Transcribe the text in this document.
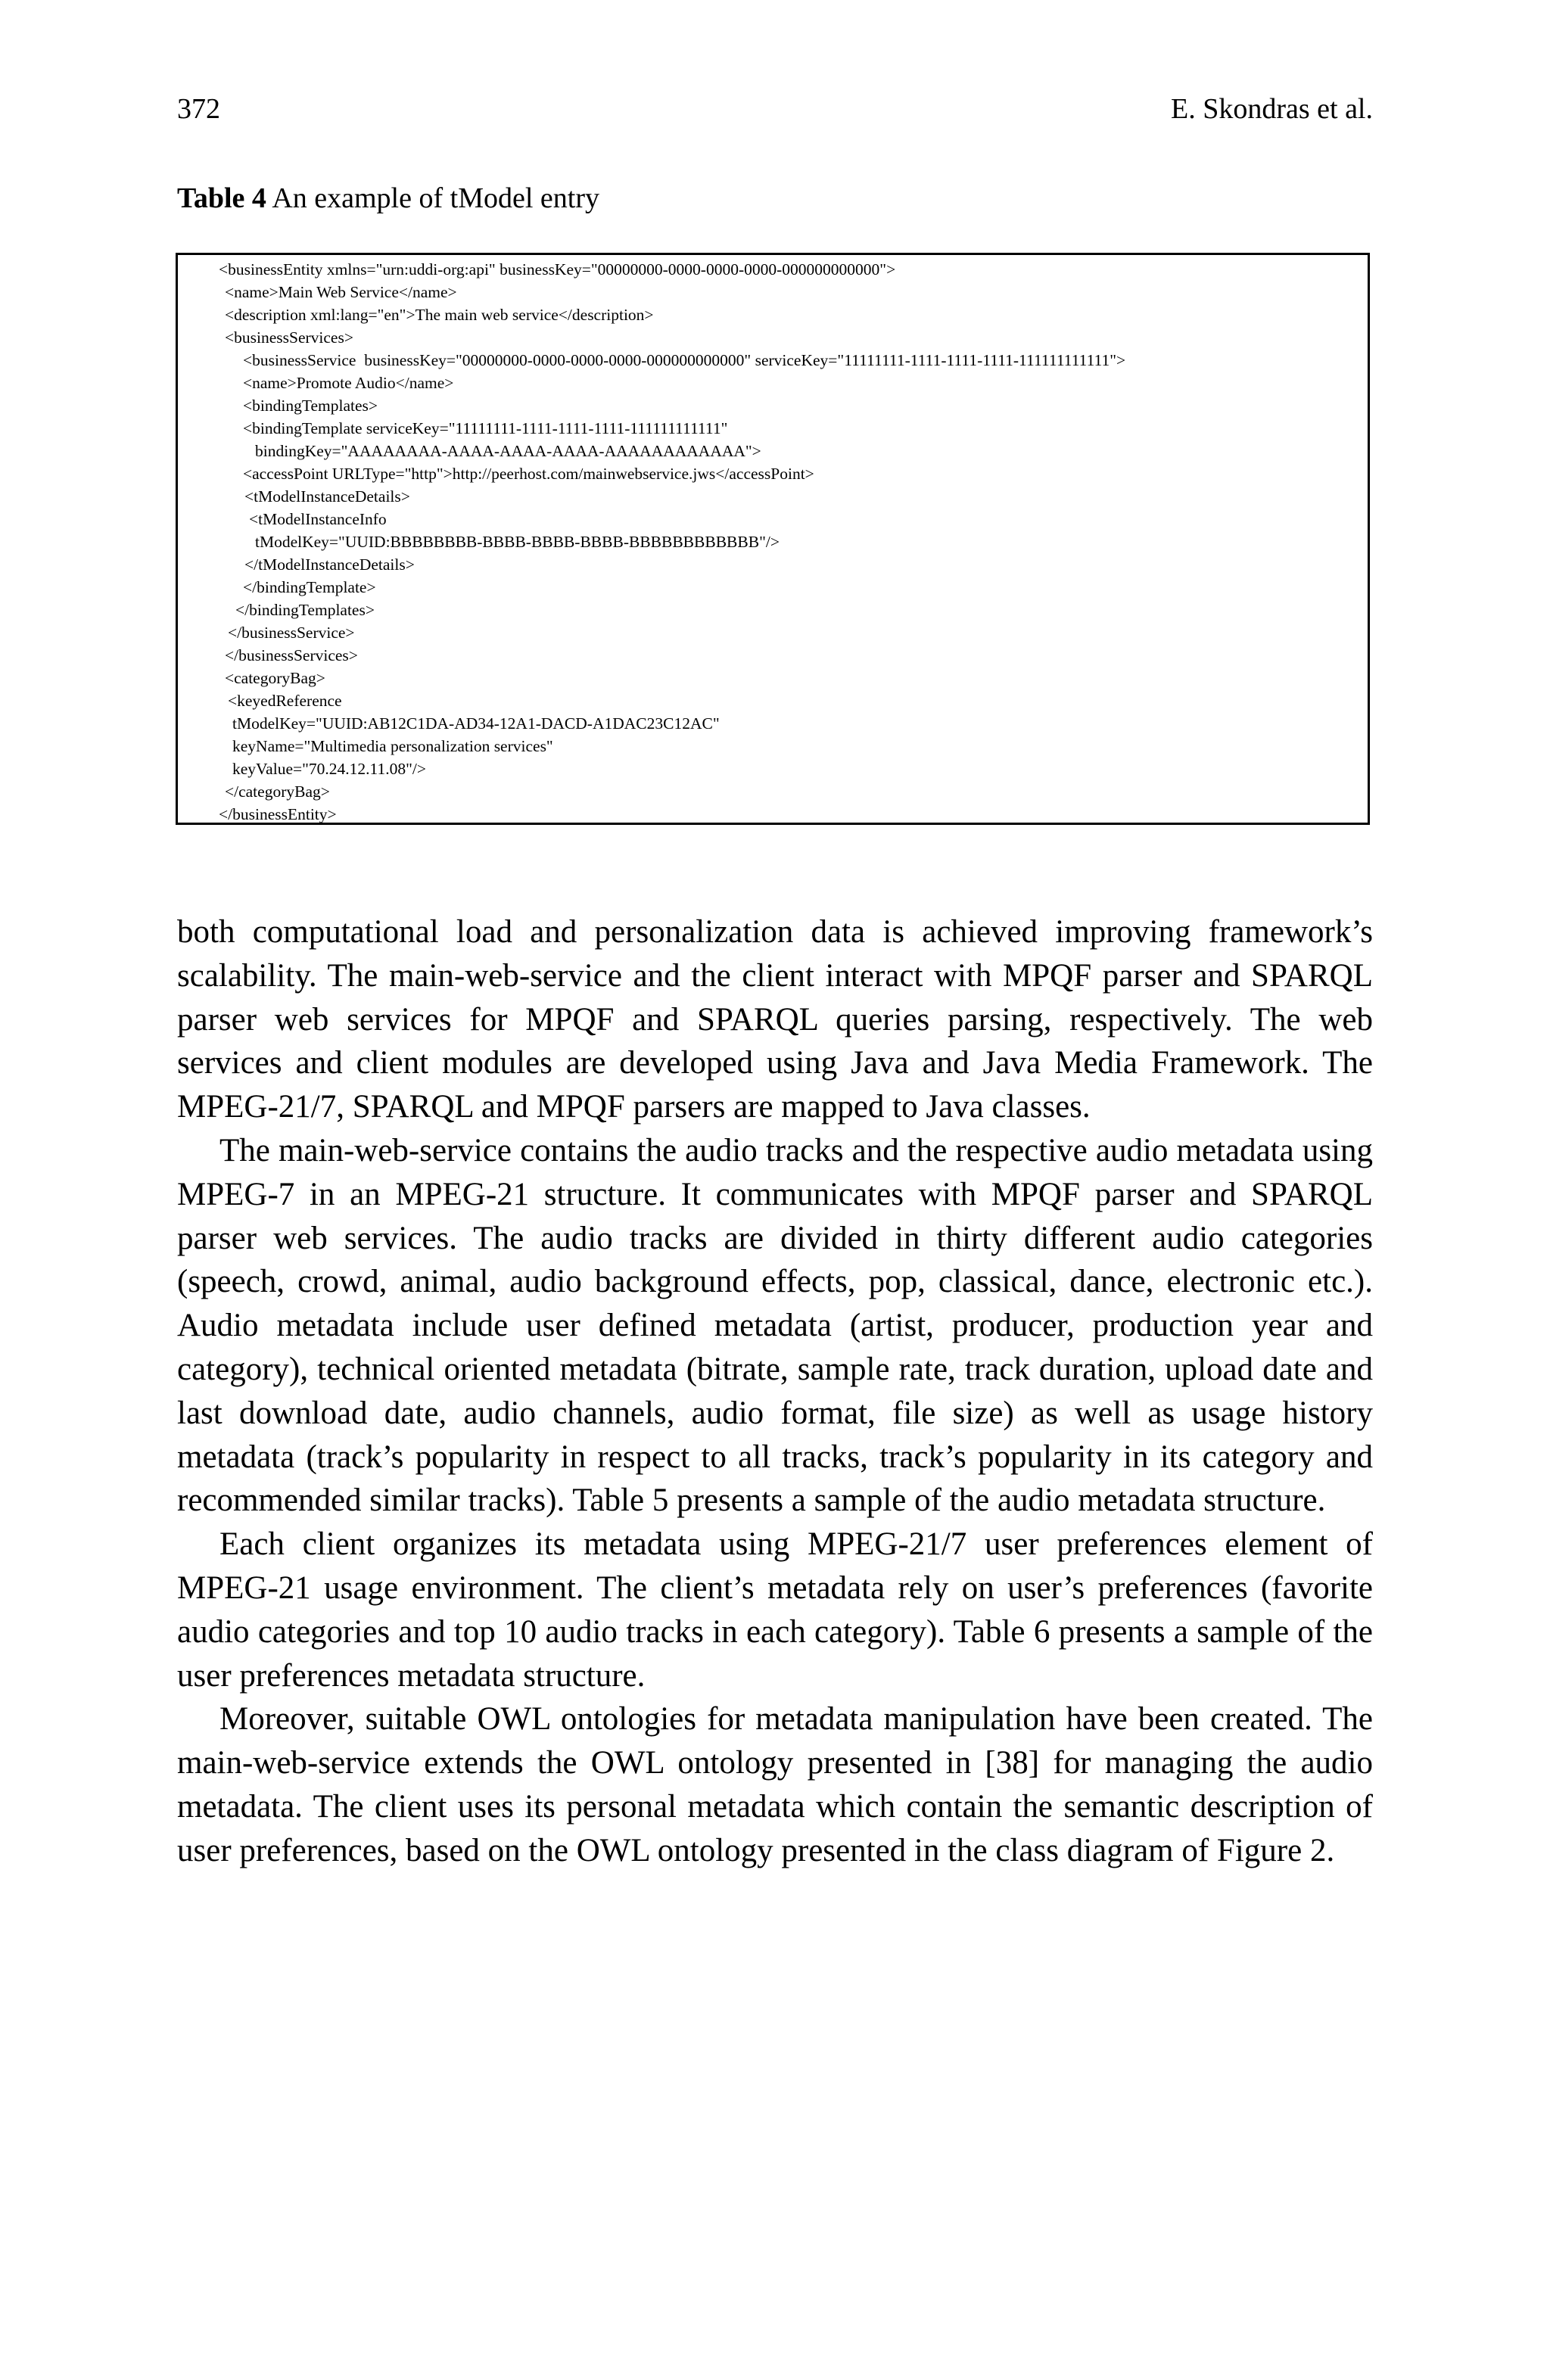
372	E. Skondras et al.
Table 4 An example of tModel entry
<businessEntity xmlns="urn:uddi-org:api" businessKey="00000000-0000-0000-0000-000000000000">
<name>Main Web Service</name>
<description xml:lang="en">The main web service</description>
<businessServices>
<businessService  businessKey="00000000-0000-0000-0000-000000000000" serviceKey="11111111-1111-1111-1111-111111111111">
<name>Promote Audio</name>
<bindingTemplates>
<bindingTemplate serviceKey="11111111-1111-1111-1111-111111111111"
bindingKey="AAAAAAAA-AAAA-AAAA-AAAA-AAAAAAAAAAAA">
<accessPoint URLType="http">http://peerhost.com/mainwebservice.jws</accessPoint>
<tModelInstanceDetails>
<tModelInstanceInfo
tModelKey="UUID:BBBBBBBB-BBBB-BBBB-BBBB-BBBBBBBBBBBB"/>
</tModelInstanceDetails>
</bindingTemplate>
</bindingTemplates>
</businessService>
</businessServices>
<categoryBag>
<keyedReference
tModelKey="UUID:AB12C1DA-AD34-12A1-DACD-A1DAC23C12AC"
keyName="Multimedia personalization services"
keyValue="70.24.12.11.08"/>
</categoryBag>
</businessEntity>

both computational load and personalization data is achieved improving framework’s scalability. The main-web-service and the client interact with MPQF parser and SPARQL parser web services for MPQF and SPARQL queries parsing, respectively. The web services and client modules are developed using Java and Java Media Framework. The MPEG-21/7, SPARQL and MPQF parsers are mapped to Java classes.

The main-web-service contains the audio tracks and the respective audio metadata using MPEG-7 in an MPEG-21 structure. It communicates with MPQF parser and SPARQL parser web services. The audio tracks are divided in thirty different audio categories (speech, crowd, animal, audio background effects, pop, classical, dance, electronic etc.). Audio metadata include user defined metadata (artist, producer, production year and category), technical oriented metadata (bitrate, sample rate, track duration, upload date and last download date, audio channels, audio format, file size) as well as usage history metadata (track’s popularity in respect to all tracks, track’s popularity in its category and recommended similar tracks). Table 5 presents a sample of the audio metadata structure.

Each client organizes its metadata using MPEG-21/7 user preferences element of MPEG-21 usage environment. The client’s metadata rely on user’s preferences (favorite audio categories and top 10 audio tracks in each category). Table 6 presents a sample of the user preferences metadata structure.

Moreover, suitable OWL ontologies for metadata manipulation have been created. The main-web-service extends the OWL ontology presented in [38] for managing the audio metadata. The client uses its personal metadata which contain the semantic description of user preferences, based on the OWL ontology presented in the class diagram of Figure 2.
